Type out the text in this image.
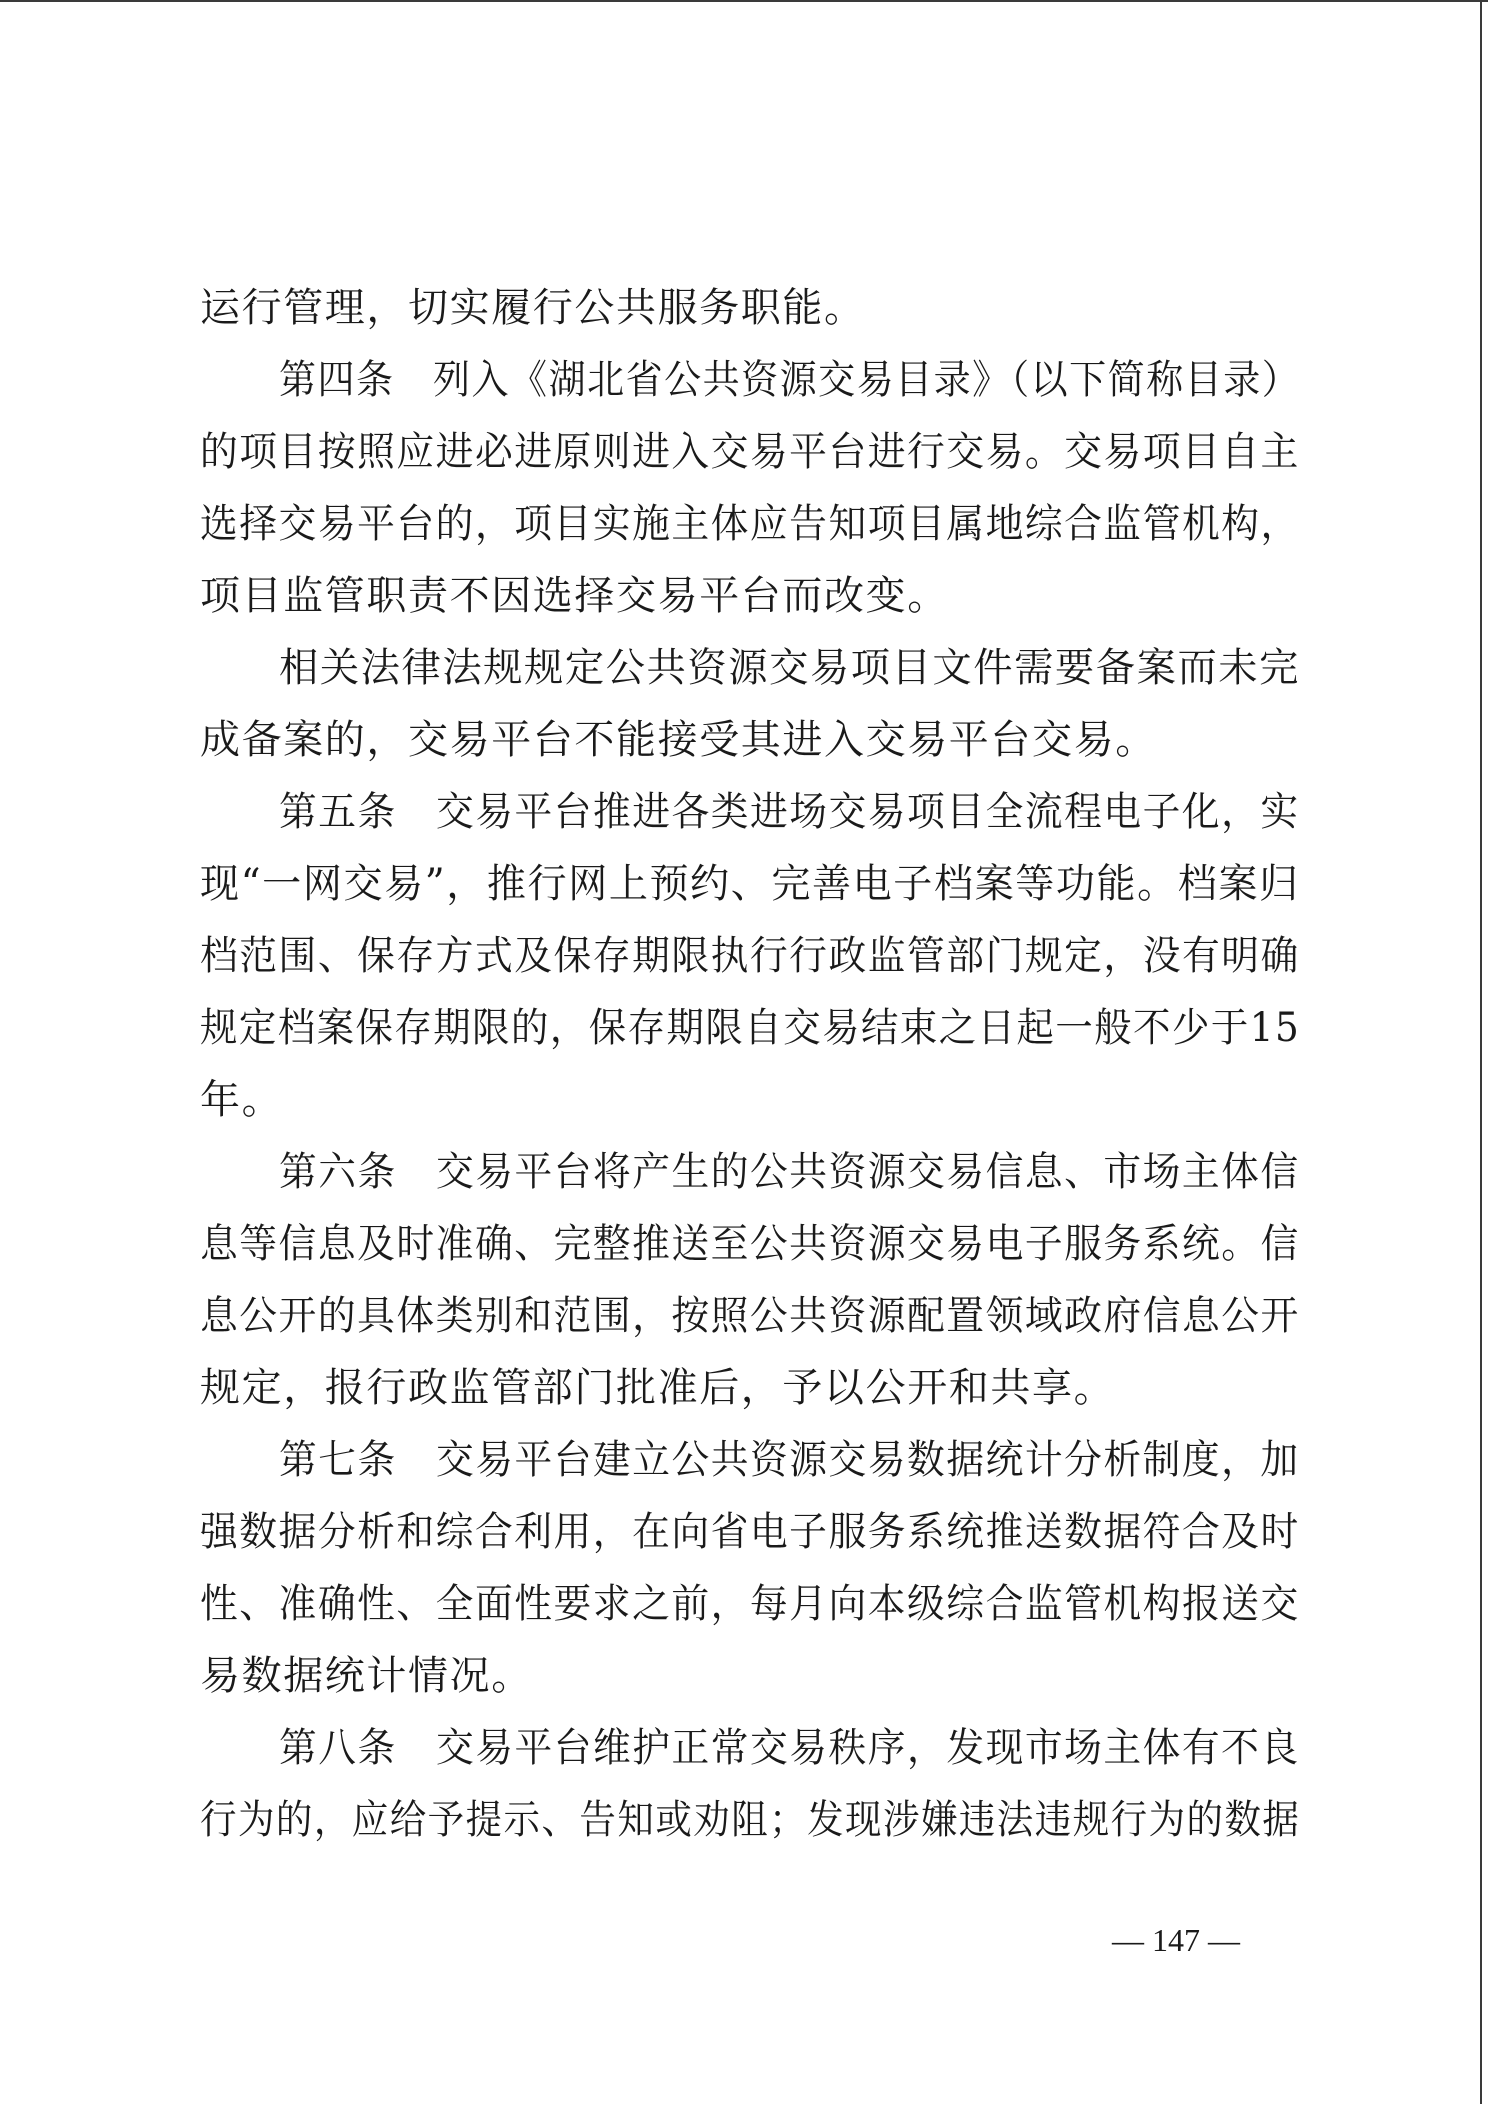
运行管理，切实履行公共服务职能。
第四条　列入《湖北省公共资源交易目录》（以下简称目录）
的项目按照应进必进原则进入交易平台进行交易。交易项目自主
选择交易平台的，项目实施主体应告知项目属地综合监管机构，
项目监管职责不因选择交易平台而改变。
相关法律法规规定公共资源交易项目文件需要备案而未完
成备案的，交易平台不能接受其进入交易平台交易。
第五条　交易平台推进各类进场交易项目全流程电子化，实
现“一网交易”，推行网上预约、完善电子档案等功能。档案归
档范围、保存方式及保存期限执行行政监管部门规定，没有明确
规定档案保存期限的，保存期限自交易结束之日起一般不少于15
年。
第六条　交易平台将产生的公共资源交易信息、市场主体信
息等信息及时准确、完整推送至公共资源交易电子服务系统。信
息公开的具体类别和范围，按照公共资源配置领域政府信息公开
规定，报行政监管部门批准后，予以公开和共享。
第七条　交易平台建立公共资源交易数据统计分析制度，加
强数据分析和综合利用，在向省电子服务系统推送数据符合及时
性、准确性、全面性要求之前，每月向本级综合监管机构报送交
易数据统计情况。
第八条　交易平台维护正常交易秩序，发现市场主体有不良
行为的，应给予提示、告知或劝阻；发现涉嫌违法违规行为的数据
— 147 —
